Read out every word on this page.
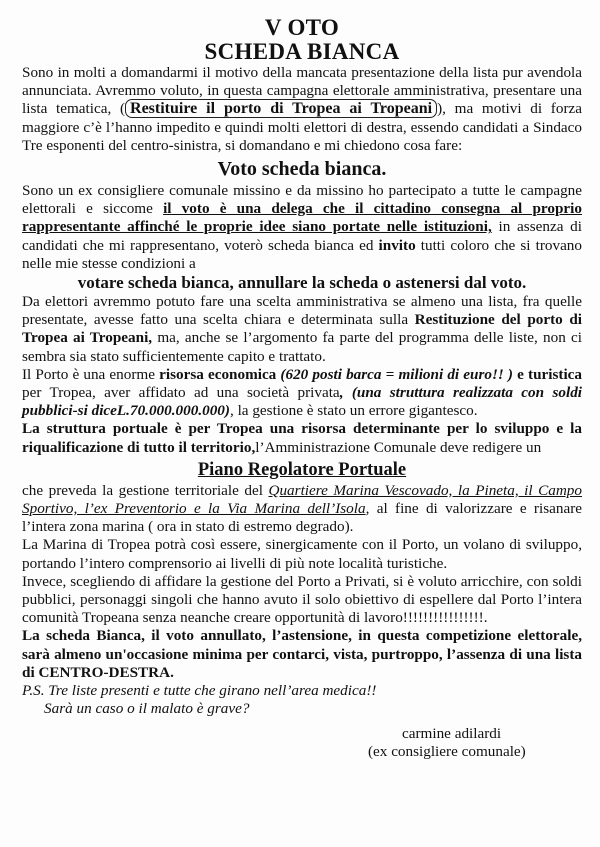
V OTO
SCHEDA BIANCA

Sono in molti a domandarmi il motivo della mancata presentazione della lista pur avendola annunciata. Avremmo voluto, in questa campagna elettorale amministrativa, presentare una lista tematica, ( Restituire il porto di Tropea ai Tropeani ), ma motivi di forza maggiore c’è l’hanno impedito e quindi molti elettori di destra, essendo candidati a Sindaco Tre esponenti del centro-sinistra, si domandano e mi chiedono cosa fare:

Voto scheda bianca.

Sono un ex consigliere comunale missino e da missino ho partecipato a tutte le campagne elettorali e siccome il voto è una delega che il cittadino consegna al proprio rappresentante affinché le proprie idee siano portate nelle istituzioni, in assenza di candidati che mi rappresentano, voterò scheda bianca ed invito tutti coloro che si trovano nelle mie stesse condizioni a

votare scheda bianca, annullare la scheda o astenersi dal voto.

Da elettori avremmo potuto fare una scelta amministrativa se almeno una lista, fra quelle presentate, avesse fatto una scelta chiara e determinata sulla Restituzione del porto di Tropea ai Tropeani, ma, anche se l’argomento fa parte del programma delle liste, non ci sembra sia stato sufficientemente capito e trattato.

Il Porto è una enorme risorsa economica (620 posti barca = milioni di euro!! ) e turistica per Tropea, aver affidato ad una società privata, (una struttura realizzata con soldi pubblici-si diceL.70.000.000.000), la gestione è stato un errore gigantesco.

La struttura portuale è per Tropea una risorsa determinante per lo sviluppo e la riqualificazione di tutto il territorio,l’Amministrazione Comunale deve redigere un

Piano Regolatore Portuale

che preveda la gestione territoriale del Quartiere Marina Vescovado, la Pineta, il Campo Sportivo, l’ex Preventorio e la Via Marina dell’Isola, al fine di valorizzare e risanare l’intera zona marina ( ora in stato di estremo degrado).

La Marina di Tropea potrà così essere, sinergicamente con il Porto, un volano di sviluppo, portando l’intero comprensorio ai livelli di più note località turistiche.

Invece, scegliendo di affidare la gestione del Porto a Privati, si è voluto arricchire, con soldi pubblici, personaggi singoli che hanno avuto il solo obiettivo di espellere dal Porto l’intera comunità Tropeana senza neanche creare opportunità di lavoro!!!!!!!!!!!!!!!!.

La scheda Bianca, il voto annullato, l’astensione, in questa competizione elettorale, sarà almeno un'occasione minima per contarci, vista, purtroppo, l’assenza di una lista di CENTRO-DESTRA.

P.S. Tre liste presenti e tutte che girano nell’area medica!!

Sarà un caso o il malato è grave?

carmine adilardi
(ex consigliere comunale)
